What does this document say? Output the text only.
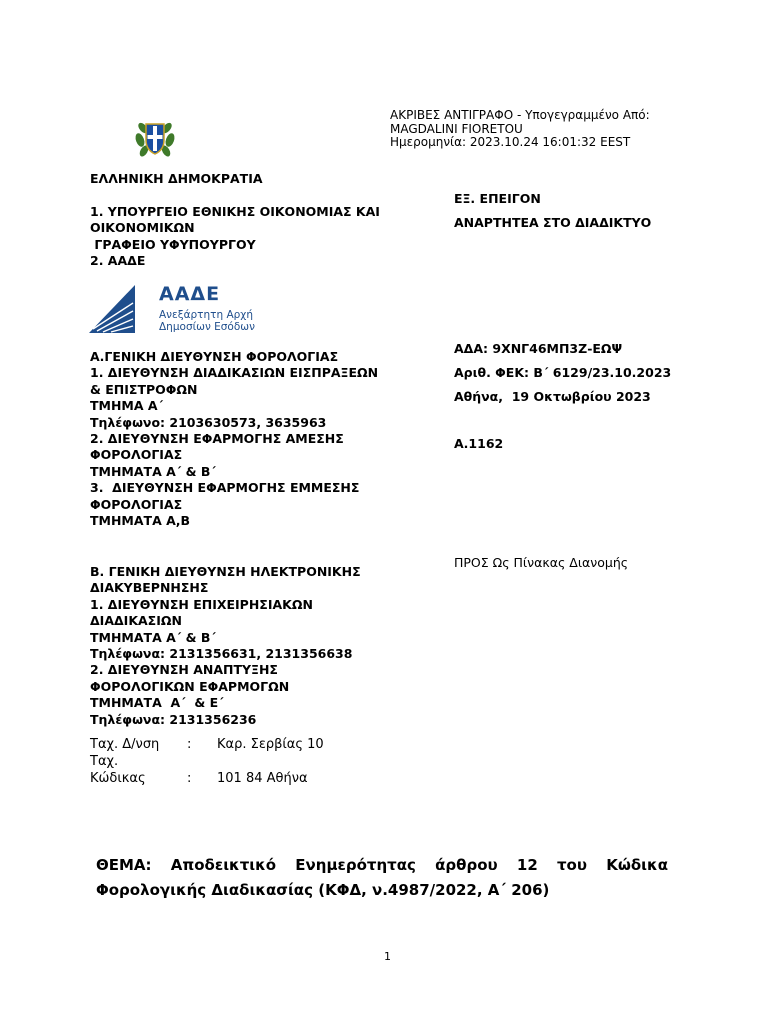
ΑΚΡΙΒΕΣ ΑΝΤΙΓΡΑΦΟ - Υπογεγραμμένο Από:
MAGDALINI FIORETOU
Ημερομηνία: 2023.10.24 16:01:32 EEST
ΕΛΛΗΝΙΚΗ ΔΗΜΟΚΡΑΤΙΑ
1. ΥΠΟΥΡΓΕΙΟ ΕΘΝΙΚΗΣ ΟΙΚΟΝΟΜΙΑΣ ΚΑΙ
ΟΙΚΟΝΟΜΙΚΩΝ
ΓΡΑΦΕΙΟ ΥΦΥΠΟΥΡΓΟΥ
2. ΑΑΔΕ
ΑΑΔΕ
Ανεξάρτητη Αρχή
Δημοσίων Εσόδων
ΕΞ. ΕΠΕΙΓΟΝ
ΑΝΑΡΤΗΤΕΑ ΣΤΟ ΔΙΑΔΙΚΤΥΟ
Α.ΓΕΝΙΚΗ ΔΙΕΥΘΥΝΣΗ ΦΟΡΟΛΟΓΙΑΣ
1. ΔΙΕΥΘΥΝΣΗ ΔΙΑΔΙΚΑΣΙΩΝ ΕΙΣΠΡΑΞΕΩΝ
& ΕΠΙΣΤΡΟΦΩΝ
ΤΜΗΜΑ Α΄
Τηλέφωνο: 2103630573, 3635963
2. ΔΙΕΥΘΥΝΣΗ ΕΦΑΡΜΟΓΗΣ ΑΜΕΣΗΣ
ΦΟΡΟΛΟΓΙΑΣ
ΤΜΗΜΑΤΑ Α΄ & Β΄
3.  ΔΙΕΥΘΥΝΣΗ ΕΦΑΡΜΟΓΗΣ ΕΜΜΕΣΗΣ
ΦΟΡΟΛΟΓΙΑΣ
ΤΜΗΜΑΤΑ Α,Β
ΑΔΑ: 9ΧΝΓ46ΜΠ3Ζ-ΕΩΨ
Αριθ. ΦΕΚ: Β΄ 6129/23.10.2023
Αθήνα,  19 Οκτωβρίου 2023
Α.1162
ΠΡΟΣ Ως Πίνακας Διανομής
Β. ΓΕΝΙΚΗ ΔΙΕΥΘΥΝΣΗ ΗΛΕΚΤΡΟΝΙΚΗΣ
ΔΙΑΚΥΒΕΡΝΗΣΗΣ
1. ΔΙΕΥΘΥΝΣΗ ΕΠΙΧΕΙΡΗΣΙΑΚΩΝ
ΔΙΑΔΙΚΑΣΙΩΝ
ΤΜΗΜΑΤΑ Α΄ & Β΄
Τηλέφωνα: 2131356631, 2131356638
2. ΔΙΕΥΘΥΝΣΗ ΑΝΑΠΤΥΞΗΣ
ΦΟΡΟΛΟΓΙΚΩΝ ΕΦΑΡΜΟΓΩΝ
ΤΜΗΜΑΤΑ  Α΄  & Ε΄
Τηλέφωνα: 2131356236
Ταχ. Δ/νση	: Καρ. Σερβίας 10
Ταχ.
Κώδικας	: 101 84 Αθήνα
ΘΕΜΑ: Αποδεικτικό Ενημερότητας άρθρου 12 του Κώδικα Φορολογικής Διαδικασίας (ΚΦΔ, ν.4987/2022, Α΄ 206)
1
